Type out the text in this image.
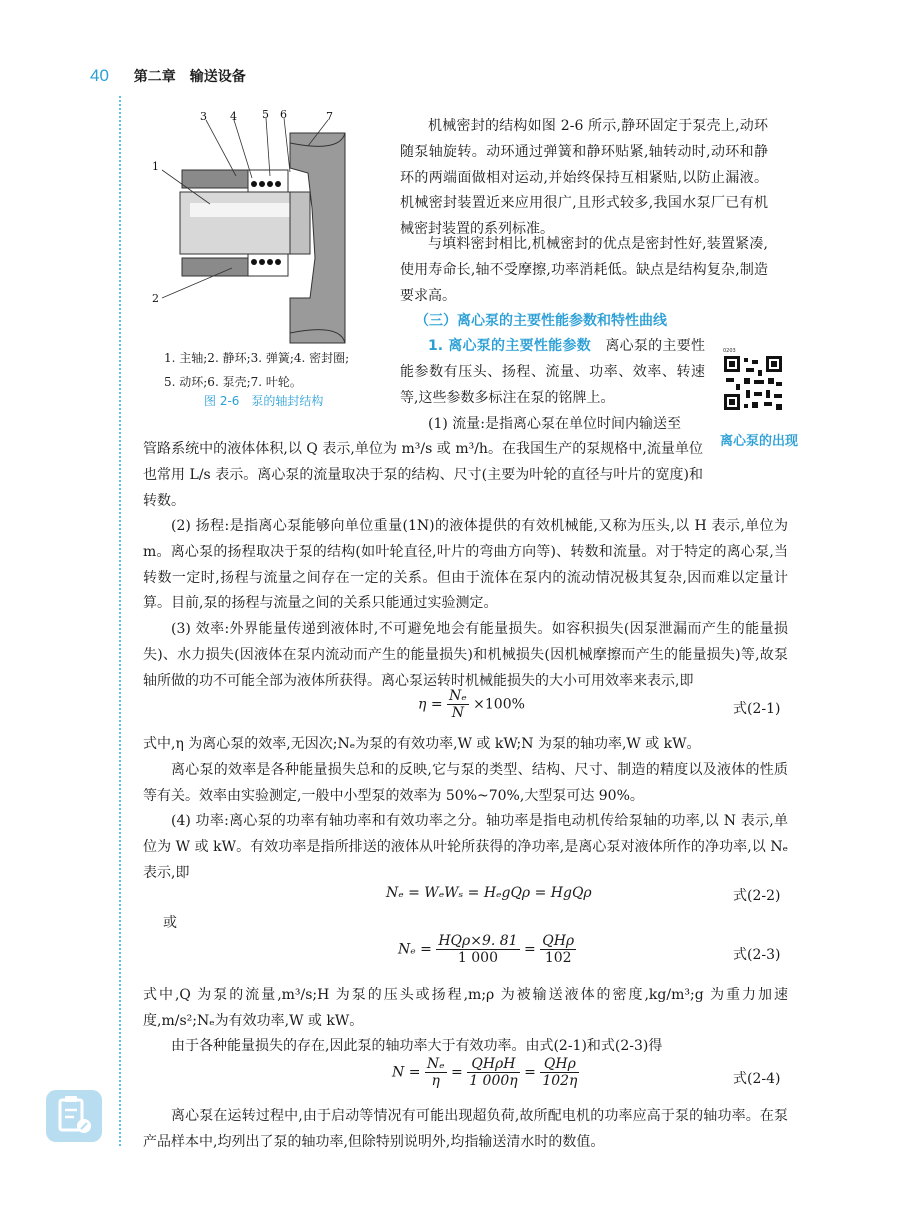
40 第二章　输送设备
1
2
3 4 5 6	7
1. 主轴;2. 静环;3. 弹簧;4. 密封圈;
5. 动环;6. 泵壳;7. 叶轮。
图 2-6　泵的轴封结构
0203
离心泵的出现

机械密封的结构如图 2-6 所示,静环固定于泵壳上,动环随泵轴旋转。动环通过弹簧和静环贴紧,轴转动时,动环和静环的两端面做相对运动,并始终保持互相紧贴,以防止漏液。机械密封装置近来应用很广,且形式较多,我国水泵厂已有机械密封装置的系列标准。

与填料密封相比,机械密封的优点是密封性好,装置紧凑,使用寿命长,轴不受摩擦,功率消耗低。缺点是结构复杂,制造要求高。

（三）离心泵的主要性能参数和特性曲线

1. 离心泵的主要性能参数　 离心泵的主要性能参数有压头、扬程、流量、功率、效率、转速等,这些参数多标注在泵的铭牌上。

(1) 流量:是指离心泵在单位时间内输送至

管路系统中的液体体积,以 Q 表示,单位为 m³/s 或 m³/h。在我国生产的泵规格中,流量单位也常用 L/s 表示。离心泵的流量取决于泵的结构、尺寸(主要为叶轮的直径与叶片的宽度)和转数。

(2) 扬程:是指离心泵能够向单位重量(1N)的液体提供的有效机械能,又称为压头,以 H 表示,单位为 m。离心泵的扬程取决于泵的结构(如叶轮直径,叶片的弯曲方向等)、转数和流量。对于特定的离心泵,当转数一定时,扬程与流量之间存在一定的关系。但由于流体在泵内的流动情况极其复杂,因而难以定量计算。目前,泵的扬程与流量之间的关系只能通过实验测定。

(3) 效率:外界能量传递到液体时,不可避免地会有能量损失。如容积损失(因泵泄漏而产生的能量损失)、水力损失(因液体在泵内流动而产生的能量损失)和机械损失(因机械摩擦而产生的能量损失)等,故泵轴所做的功不可能全部为液体所获得。离心泵运转时机械能损失的大小可用效率来表示,即

$\eta = \frac{\text{Nₑ}}{N} \times 100\%$	式(2-1)

式中,η 为离心泵的效率,无因次;Nₑ为泵的有效功率,W 或 kW;N 为泵的轴功率,W 或 kW。

离心泵的效率是各种能量损失总和的反映,它与泵的类型、结构、尺寸、制造的精度以及液体的性质等有关。效率由实验测定,一般中小型泵的效率为 50%~70%,大型泵可达 90%。

(4) 功率:离心泵的功率有轴功率和有效功率之分。轴功率是指电动机传给泵轴的功率,以 N 表示,单位为 W 或 kW。有效功率是指所排送的液体从叶轮所获得的净功率,是离心泵对液体所作的净功率,以 Nₑ表示,即

Nₑ = WₑWₛ = HₑgQρ = HgQρ	式(2-2)

或

$N_e = \frac{\text{HQρ×9. 81}}{1 000} = \frac{\text{QHρ}}{102}$	式(2-3)

式中,Q 为泵的流量,m³/s;H 为泵的压头或扬程,m;ρ 为被输送液体的密度,kg/m³;g 为重力加速度,m/s²;Nₑ为有效功率,W 或 kW。

由于各种能量损失的存在,因此泵的轴功率大于有效功率。由式(2-1)和式(2-3)得

$N = \frac{\text{Nₑ}}{\eta} = \frac{\text{QHρH}}{1 000\eta} = \frac{\text{QHρ}}{102\eta}$	式(2-4)

离心泵在运转过程中,由于启动等情况有可能出现超负荷,故所配电机的功率应高于泵的轴功率。在泵产品样本中,均列出了泵的轴功率,但除特别说明外,均指输送清水时的数值。
